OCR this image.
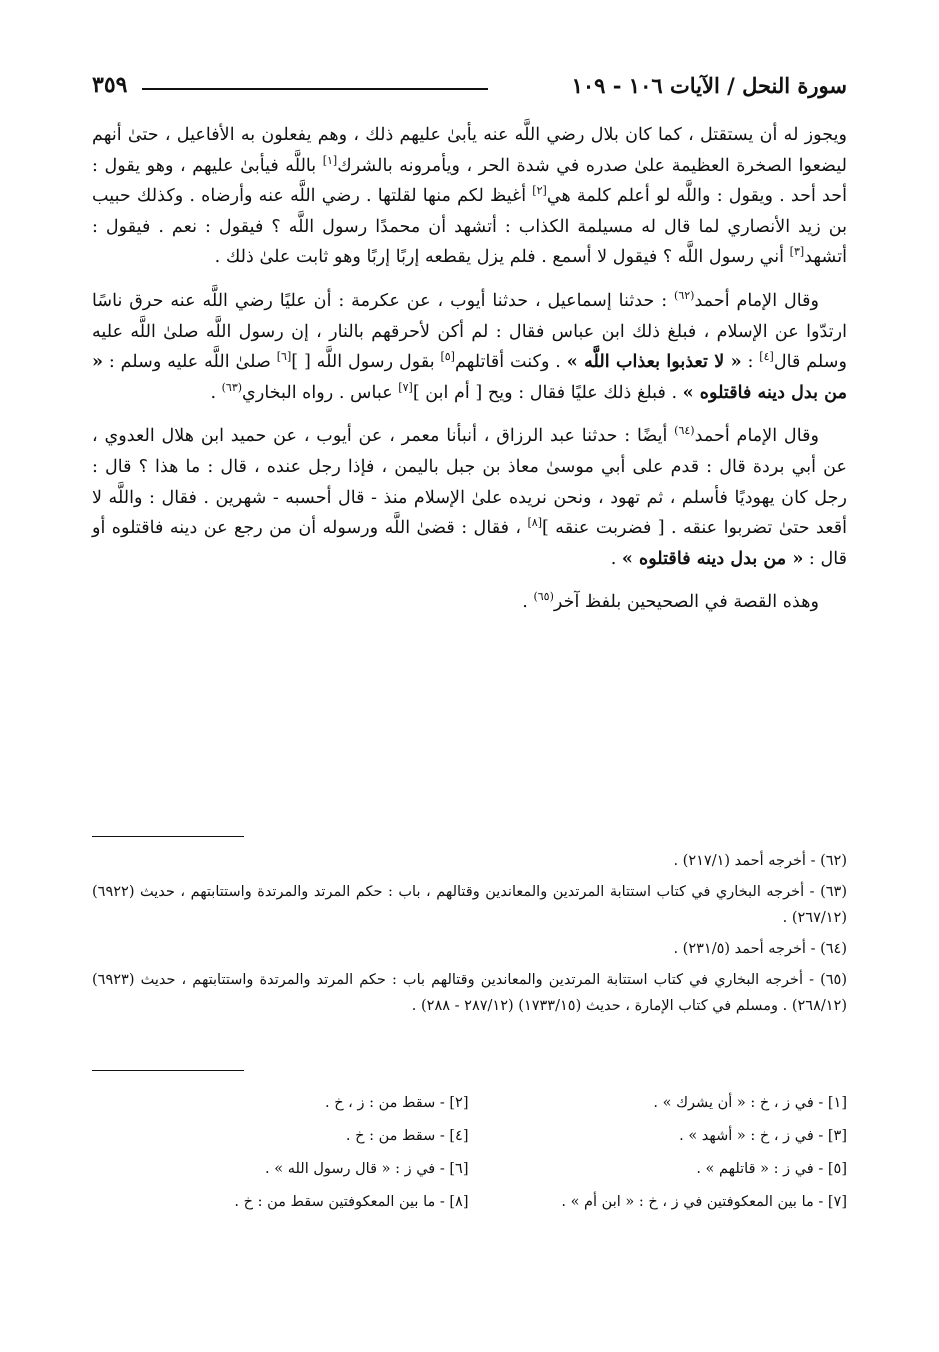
سورة النحل / الآيات ١٠٦ - ١٠٩
٣٥٩

ويجوز له أن يستقتل ، كما كان بلال رضي اللَّه عنه يأبىٰ عليهم ذلك ، وهم يفعلون به الأفاعيل ، حتىٰ أنهم ليضعوا الصخرة العظيمة علىٰ صدره في شدة الحر ، ويأمرونه بالشرك[١] باللَّه فيأبىٰ عليهم ، وهو يقول : أحد أحد . ويقول : واللَّه لو أعلم كلمة هي[٢] أغيظ لكم منها لقلتها . رضي اللَّه عنه وأرضاه . وكذلك حبيب بن زيد الأنصاري لما قال له مسيلمة الكذاب : أتشهد أن محمدًا رسول اللَّه ؟ فيقول : نعم . فيقول : أتشهد[٣] أني رسول اللَّه ؟ فيقول لا أسمع . فلم يزل يقطعه إربًا إربًا وهو ثابت علىٰ ذلك .

وقال الإمام أحمد$^{(٦٢)}$ : حدثنا إسماعيل ، حدثنا أيوب ، عن عكرمة : أن عليًا رضي اللَّه عنه حرق ناسًا ارتدّوا عن الإسلام ، فبلغ ذلك ابن عباس فقال : لم أكن لأحرقهم بالنار ، إن رسول اللَّه صلىٰ اللَّه عليه وسلم قال[٤] : « لا تعذبوا بعذاب اللَّه » . وكنت أقاتلهم[٥] بقول رسول اللَّه [ ][٦] صلىٰ اللَّه عليه وسلم : « من بدل دينه فاقتلوه » . فبلغ ذلك عليًا فقال : ويح [ أم ابن ][٧] عباس . رواه البخاري$^{(٦٣)}$ .

وقال الإمام أحمد$^{(٦٤)}$ أيضًا : حدثنا عبد الرزاق ، أنبأنا معمر ، عن أيوب ، عن حميد ابن هلال العدوي ، عن أبي بردة قال : قدم على أبي موسىٰ معاذ بن جبل باليمن ، فإذا رجل عنده ، قال : ما هذا ؟ قال : رجل كان يهوديًا فأسلم ، ثم تهود ، ونحن نريده علىٰ الإسلام منذ - قال أحسبه - شهرين . فقال : واللَّه لا أقعد حتىٰ تضربوا عنقه . [ فضربت عنقه ][٨] ، فقال : قضىٰ اللَّه ورسوله أن من رجع عن دينه فاقتلوه أو قال : « من بدل دينه فاقتلوه » .

وهذه القصة في الصحيحين بلفظ آخر$^{(٦٥)}$ .

(٦٢) - أخرجه أحمد (٢١٧/١) .

(٦٣) - أخرجه البخاري في كتاب استتابة المرتدين والمعاندين وقتالهم ، باب : حكم المرتد والمرتدة واستتابتهم ، حديث (٦٩٢٢) (٢٦٧/١٢) .

(٦٤) - أخرجه أحمد (٢٣١/٥) .

(٦٥) - أخرجه البخاري في كتاب استتابة المرتدين والمعاندين وقتالهم باب : حكم المرتد والمرتدة واستتابتهم ، حديث (٦٩٢٣) (٢٦٨/١٢) . ومسلم في كتاب الإمارة ، حديث (١٧٣٣/١٥) (٢٨٧/١٢ - ٢٨٨) .

[١] - في ز ، خ : « أن يشرك » .
[٢] - سقط من : ز ، خ .
[٣] - في ز ، خ : « أشهد » .
[٤] - سقط من : خ .
[٥] - في ز : « قاتلهم » .
[٦] - في ز : « قال رسول الله » .
[٧] - ما بين المعكوفتين في ز ، خ : « ابن أم » .
[٨] - ما بين المعكوفتين سقط من : خ .
